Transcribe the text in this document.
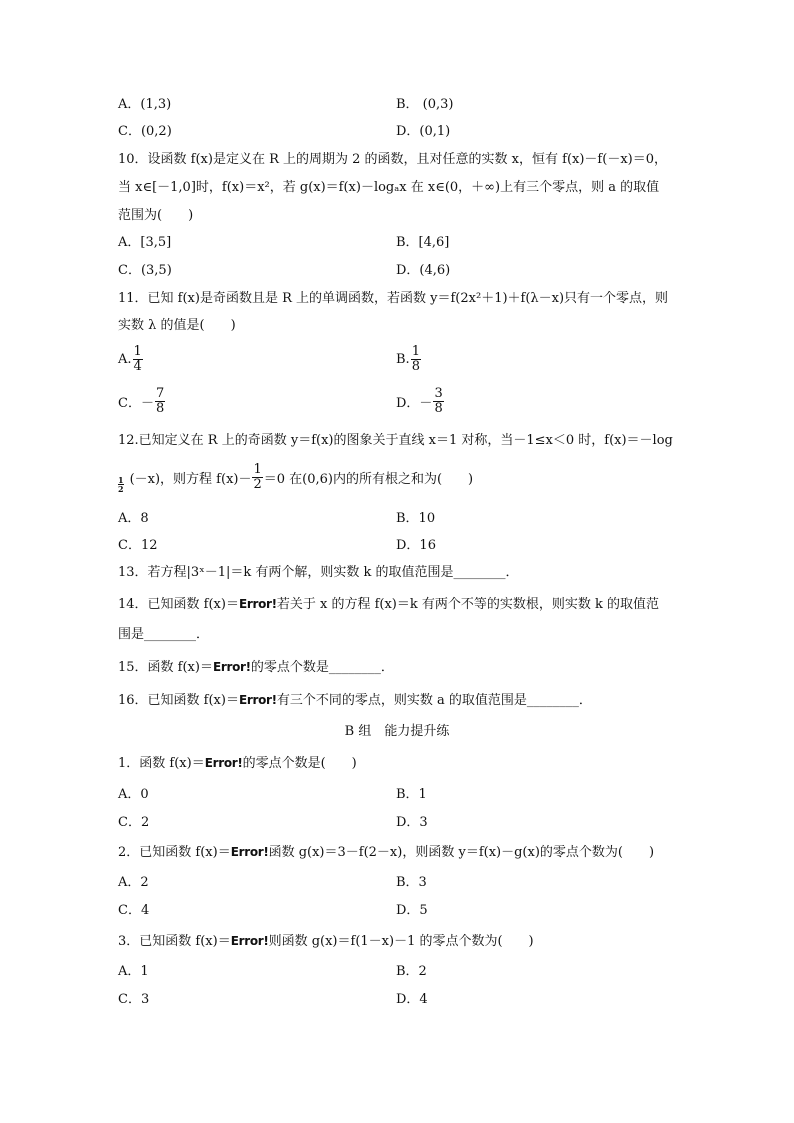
A．(1,3)	B． (0,3)
C．(0,2)	D．(0,1)
10．设函数 f(x)是定义在 R 上的周期为 2 的函数，且对任意的实数 x，恒有 f(x)－f(－x)＝0，
当 x∈[－1,0]时，f(x)＝x²，若 g(x)＝f(x)－logₐx 在 x∈(0，＋∞)上有三个零点，则 a 的取值
范围为(　　)
A．[3,5]	B．[4,6]
C．(3,5)	D．(4,6)
11．已知 f(x)是奇函数且是 R 上的单调函数，若函数 y＝f(2x²＋1)＋f(λ－x)只有一个零点，则
实数 λ 的值是(　　)
A. $\frac{1}{4}$	B. $\frac{1}{8}$
C．－ $\frac{7}{8}$	D．－ $\frac{3}{8}$
12.已知定义在 R 上的奇函数 y＝f(x)的图象关于直线 x＝1 对称，当－1≤x＜0 时，f(x)＝－log
$\frac{1}{2} (-x)$，则方程 $f(x)- \frac{1}{2} =0$ 在(0,6)内的所有根之和为(　　)
A．8	B．10
C．12	D．16
13．若方程|3ˣ－1|＝k 有两个解，则实数 k 的取值范围是________．
14．已知函数 f(x)＝Error!若关于 x 的方程 f(x)＝k 有两个不等的实数根，则实数 k 的取值范
围是________．
15．函数 f(x)＝Error!的零点个数是________．
16．已知函数 f(x)＝Error!有三个不同的零点，则实数 a 的取值范围是________．
B 组　能力提升练
1．函数 f(x)＝Error!的零点个数是(　　)
A．0	B．1
C．2	D．3
2．已知函数 f(x)＝Error!函数 g(x)＝3－f(2－x)，则函数 y＝f(x)－g(x)的零点个数为(　　)
A．2	B．3
C．4	D．5
3．已知函数 f(x)＝Error!则函数 g(x)＝f(1－x)－1 的零点个数为(　　)
A．1	B．2
C．3	D．4
